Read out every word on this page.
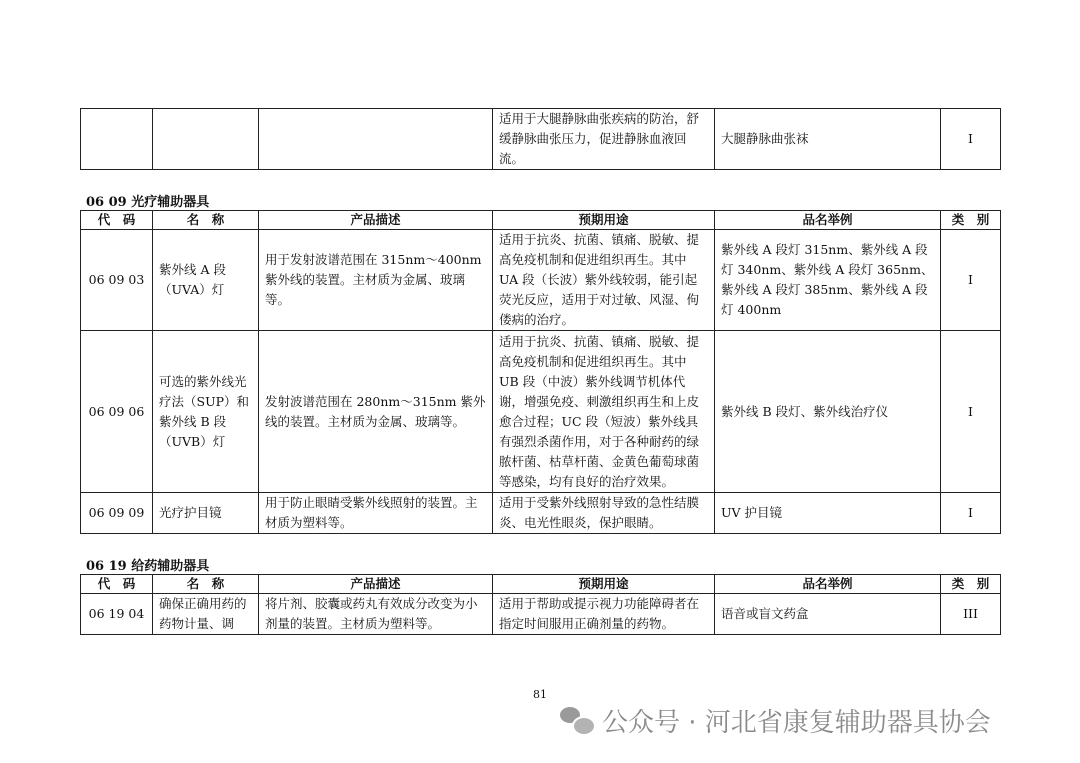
			适用于大腿静脉曲张疾病的防治，舒缓静脉曲张压力，促进静脉血液回流。	大腿静脉曲张袜	I
06 09 光疗辅助器具
代　码	名　称	产品描述	预期用途	品名举例	类　别
06 09 03	紫外线 A 段（UVA）灯	用于发射波谱范围在 315nm～400nm 紫外线的装置。主材质为金属、玻璃等。	适用于抗炎、抗菌、镇痛、脱敏、提高免疫机制和促进组织再生。其中 UA 段（长波）紫外线较弱，能引起荧光反应，适用于对过敏、风湿、佝偻病的治疗。	紫外线 A 段灯 315nm、紫外线 A 段灯 340nm、紫外线 A 段灯 365nm、紫外线 A 段灯 385nm、紫外线 A 段灯 400nm	I
06 09 06	可选的紫外线光疗法（SUP）和紫外线 B 段（UVB）灯	发射波谱范围在 280nm～315nm 紫外线的装置。主材质为金属、玻璃等。	适用于抗炎、抗菌、镇痛、脱敏、提高免疫机制和促进组织再生。其中 UB 段（中波）紫外线调节机体代谢，增强免疫、刺激组织再生和上皮愈合过程；UC 段（短波）紫外线具有强烈杀菌作用，对于各种耐药的绿脓杆菌、枯草杆菌、金黄色葡萄球菌等感染，均有良好的治疗效果。	紫外线 B 段灯、紫外线治疗仪	I
06 09 09	光疗护目镜	用于防止眼睛受紫外线照射的装置。主材质为塑料等。	适用于受紫外线照射导致的急性结膜炎、电光性眼炎，保护眼睛。	UV 护目镜	I
06 19 给药辅助器具
代　码	名　称	产品描述	预期用途	品名举例	类　别
06 19 04	确保正确用药的药物计量、调	将片剂、胶囊或药丸有效成分改变为小剂量的装置。主材质为塑料等。	适用于帮助或提示视力功能障碍者在指定时间服用正确剂量的药物。	语音或盲文药盒	III
81
公众号 · 河北省康复辅助器具协会
